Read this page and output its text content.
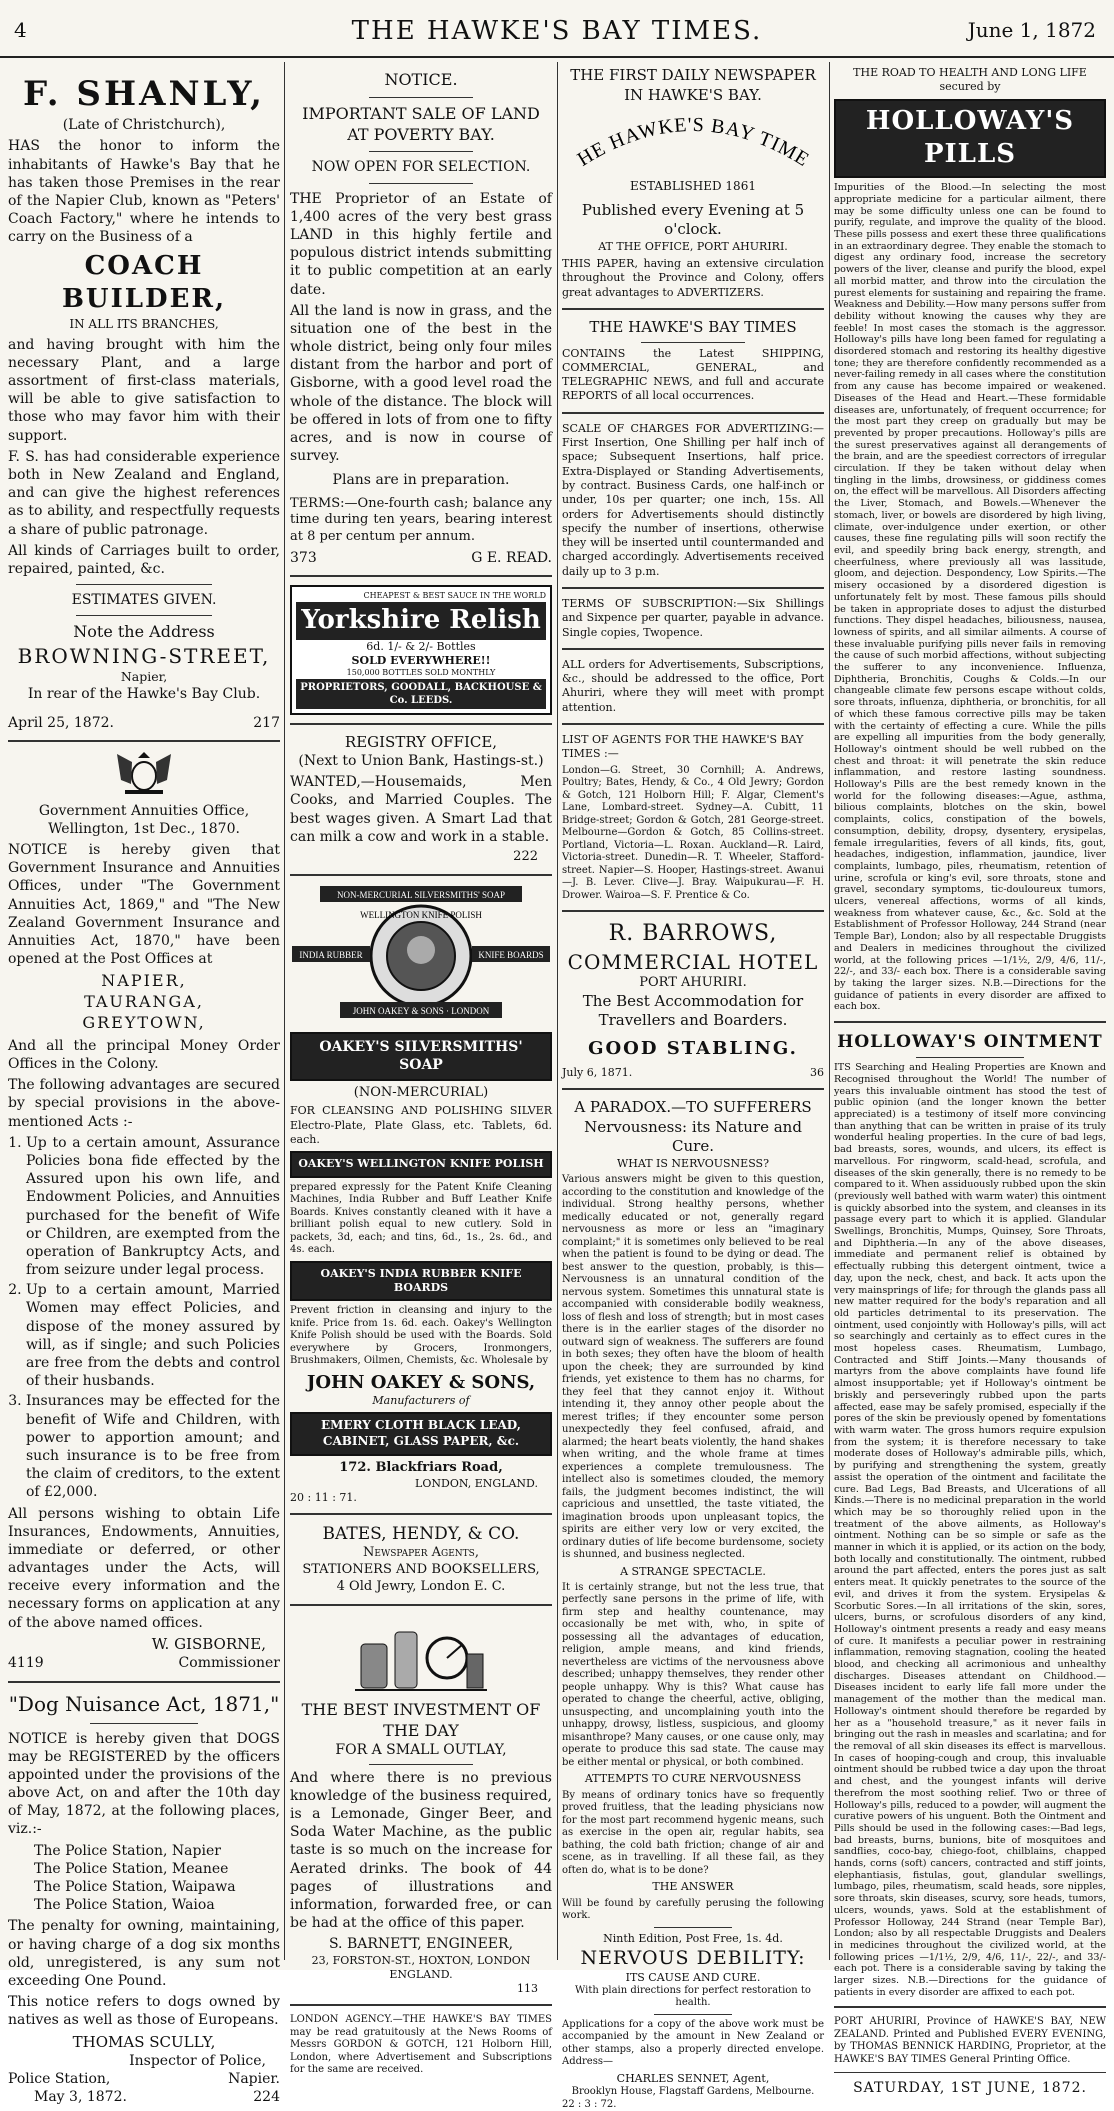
4	THE HAWKE'S BAY TIMES.	June 1, 1872
F. SHANLY,
(Late of Christchurch),

HAS the honor to inform the inhabitants of Hawke's Bay that he has taken those Premises in the rear of the Napier Club, known as "Peters' Coach Factory," where he intends to carry on the Business of a

COACH BUILDER,
IN ALL ITS BRANCHES,

and having brought with him the necessary Plant, and a large assortment of first-class materials, will be able to give satisfaction to those who may favor him with their support.

F. S. has had considerable experience both in New Zealand and England, and can give the highest references as to ability, and respectfully requests a share of public patronage.

All kinds of Carriages built to order, repaired, painted, &c.

ESTIMATES GIVEN.
Note the Address
BROWNING-STREET,
Napier,
In rear of the Hawke's Bay Club.
April 25, 1872.	217
Government Annuities Office,
Wellington, 1st Dec., 1870.

NOTICE is hereby given that Government Insurance and Annuities Offices, under "The Government Annuities Act, 1869," and "The New Zealand Government Insurance and Annuities Act, 1870," have been opened at the Post Offices at

NAPIER,
TAURANGA,
GREYTOWN,

And all the principal Money Order Offices in the Colony.

The following advantages are secured by special provisions in the above-mentioned Acts :-

1. Up to a certain amount, Assurance Policies bona fide effected by the Assured upon his own life, and Endowment Policies, and Annuities purchased for the benefit of Wife or Children, are exempted from the operation of Bankruptcy Acts, and from seizure under legal process.
2. Up to a certain amount, Married Women may effect Policies, and dispose of the money assured by will, as if single; and such Policies are free from the debts and control of their husbands.
3. Insurances may be effected for the benefit of Wife and Children, with power to apportion amount; and such insurance is to be free from the claim of creditors, to the extent of £2,000.

All persons wishing to obtain Life Insurances, Endowments, Annuities, immediate or deferred, or other advantages under the Acts, will receive every information and the necessary forms on application at any of the above named offices.

W. GISBORNE,
4119	Commissioner
"Dog Nuisance Act, 1871,"

NOTICE is hereby given that DOGS may be REGISTERED by the officers appointed under the provisions of the above Act, on and after the 10th day of May, 1872, at the following places, viz.:-

The Police Station, Napier
The Police Station, Meanee
The Police Station, Waipawa
The Police Station, Waioa

The penalty for owning, maintaining, or having charge of a dog six months old, unregistered, is any sum not exceeding One Pound.

This notice refers to dogs owned by natives as well as those of Europeans.

THOMAS SCULLY,
Inspector of Police,
Police Station,	Napier.
May 3, 1872.	224
NOTICE.
IMPORTANT SALE OF LAND AT POVERTY BAY.
NOW OPEN FOR SELECTION.

THE Proprietor of an Estate of 1,400 acres of the very best grass LAND in this highly fertile and populous district intends submitting it to public competition at an early date.

All the land is now in grass, and the situation one of the best in the whole district, being only four miles distant from the harbor and port of Gisborne, with a good level road the whole of the distance. The block will be offered in lots of from one to fifty acres, and is now in course of survey.

Plans are in preparation.

TERMS:—One-fourth cash; balance any time during ten years, bearing interest at 8 per centum per annum.

373	G E. READ.
CHEAPEST & BEST SAUCE IN THE WORLD
Yorkshire Relish
6d. 1/- & 2/- Bottles
SOLD EVERYWHERE!!
150,000 BOTTLES SOLD MONTHLY
PROPRIETORS, GOODALL, BACKHOUSE & Co. LEEDS.
REGISTRY OFFICE,
(Next to Union Bank, Hastings-st.)

WANTED,—Housemaids, Men Cooks, and Married Couples. The best wages given. A Smart Lad that can milk a cow and work in a stable.

222
NON-MERCURIAL SILVERSMITHS' SOAP
WELLINGTON KNIFE POLISH
INDIA RUBBER	KNIFE BOARDS
JOHN OAKEY & SONS · LONDON
OAKEY'S SILVERSMITHS' SOAP
(NON-MERCURIAL)

FOR CLEANSING AND POLISHING SILVER Electro-Plate, Plate Glass, etc. Tablets, 6d. each.

OAKEY'S WELLINGTON KNIFE POLISH

prepared expressly for the Patent Knife Cleaning Machines, India Rubber and Buff Leather Knife Boards. Knives constantly cleaned with it have a brilliant polish equal to new cutlery. Sold in packets, 3d, each; and tins, 6d., 1s., 2s. 6d., and 4s. each.

OAKEY'S INDIA RUBBER KNIFE BOARDS

Prevent friction in cleansing and injury to the knife. Price from 1s. 6d. each. Oakey's Wellington Knife Polish should be used with the Boards. Sold everywhere by Grocers, Ironmongers, Brushmakers, Oilmen, Chemists, &c. Wholesale by

JOHN OAKEY & SONS,
Manufacturers of
EMERY CLOTH BLACK LEAD, CABINET, GLASS PAPER, &c.
172. Blackfriars Road,
LONDON, ENGLAND.
20 : 11 : 71.
BATES, HENDY, & CO.
Newspaper Agents,
STATIONERS AND BOOKSELLERS,
4 Old Jewry, London E. C.
THE BEST INVESTMENT OF THE DAY
FOR A SMALL OUTLAY,

And where there is no previous knowledge of the business required, is a Lemonade, Ginger Beer, and Soda Water Machine, as the public taste is so much on the increase for Aerated drinks. The book of 44 pages of illustrations and information, forwarded free, or can be had at the office of this paper.

S. BARNETT, ENGINEER,
23, FORSTON-ST., HOXTON, LONDON ENGLAND.
113

LONDON AGENCY.—THE HAWKE'S BAY TIMES may be read gratuitously at the News Rooms of Messrs GORDON & GOTCH, 121 Holborn Hill, London, where Advertisement and Subscriptions for the same are received.

THE FIRST DAILY NEWSPAPER
IN HAWKE'S BAY.
HE HAWKE'S BAY TIME
ESTABLISHED 1861
Published every Evening at 5 o'clock.
AT THE OFFICE, PORT AHURIRI.

THIS PAPER, having an extensive circulation throughout the Province and Colony, offers great advantages to ADVERTIZERS.

THE HAWKE'S BAY TIMES

CONTAINS the Latest SHIPPING, COMMERCIAL, GENERAL, and TELEGRAPHIC NEWS, and full and accurate REPORTS of all local occurrences.

SCALE OF CHARGES FOR ADVERTIZING:— First Insertion, One Shilling per half inch of space; Subsequent Insertions, half price. Extra-Displayed or Standing Advertisements, by contract. Business Cards, one half-inch or under, 10s per quarter; one inch, 15s. All orders for Advertisements should distinctly specify the number of insertions, otherwise they will be inserted until countermanded and charged accordingly. Advertisements received daily up to 3 p.m.

TERMS OF SUBSCRIPTION:—Six Shillings and Sixpence per quarter, payable in advance. Single copies, Twopence.

ALL orders for Advertisements, Subscriptions, &c., should be addressed to the office, Port Ahuriri, where they will meet with prompt attention.

LIST OF AGENTS FOR THE HAWKE'S BAY TIMES :—

London—G. Street, 30 Cornhill; A. Andrews, Poultry; Bates, Hendy, & Co., 4 Old Jewry; Gordon & Gotch, 121 Holborn Hill; F. Algar, Clement's Lane, Lombard-street. Sydney—A. Cubitt, 11 Bridge-street; Gordon & Gotch, 281 George-street. Melbourne—Gordon & Gotch, 85 Collins-street. Portland, Victoria—L. Roxan. Auckland—R. Laird, Victoria-street. Dunedin—R. T. Wheeler, Stafford-street. Napier—S. Hooper, Hastings-street. Awanui—J. B. Lever. Clive—J. Bray. Waipukurau—F. H. Drower. Wairoa—S. F. Prentice & Co.

R. BARROWS,
COMMERCIAL HOTEL
PORT AHURIRI.
The Best Accommodation for Travellers and Boarders.
GOOD STABLING.
July 6, 1871.	36
A PARADOX.—TO SUFFERERS
Nervousness: its Nature and Cure.
WHAT IS NERVOUSNESS?

Various answers might be given to this question, according to the constitution and knowledge of the individual. Strong healthy persons, whether medically educated or not, generally regard nervousness as more or less an "imaginary complaint;" it is sometimes only believed to be real when the patient is found to be dying or dead. The best answer to the question, probably, is this—Nervousness is an unnatural condition of the nervous system. Sometimes this unnatural state is accompanied with considerable bodily weakness, loss of flesh and loss of strength; but in most cases there is in the earlier stages of the disorder no outward sign of weakness. The sufferers are found in both sexes; they often have the bloom of health upon the cheek; they are surrounded by kind friends, yet existence to them has no charms, for they feel that they cannot enjoy it. Without intending it, they annoy other people about the merest trifles; if they encounter some person unexpectedly they feel confused, afraid, and alarmed; the heart beats violently, the hand shakes when writing, and the whole frame at times experiences a complete tremulousness. The intellect also is sometimes clouded, the memory fails, the judgment becomes indistinct, the will capricious and unsettled, the taste vitiated, the imagination broods upon unpleasant topics, the spirits are either very low or very excited, the ordinary duties of life become burdensome, society is shunned, and business neglected.

A STRANGE SPECTACLE.

It is certainly strange, but not the less true, that perfectly sane persons in the prime of life, with firm step and healthy countenance, may occasionally be met with, who, in spite of possessing all the advantages of education, religion, ample means, and kind friends, nevertheless are victims of the nervousness above described; unhappy themselves, they render other people unhappy. Why is this? What cause has operated to change the cheerful, active, obliging, unsuspecting, and uncomplaining youth into the unhappy, drowsy, listless, suspicious, and gloomy misanthrope? Many causes, or one cause only, may operate to produce this sad state. The cause may be either mental or physical, or both combined.

ATTEMPTS TO CURE NERVOUSNESS

By means of ordinary tonics have so frequently proved fruitless, that the leading physicians now for the most part recommend hygenic means, such as exercise in the open air, regular habits, sea bathing, the cold bath friction; change of air and scene, as in travelling. If all these fail, as they often do, what is to be done?

THE ANSWER

Will be found by carefully perusing the following work.

Ninth Edition, Post Free, 1s. 4d.
NERVOUS DEBILITY:
ITS CAUSE AND CURE.
With plain directions for perfect restoration to health.

Applications for a copy of the above work must be accompanied by the amount in New Zealand or other stamps, also a properly directed envelope. Address—

CHARLES SENNET, Agent,
Brooklyn House, Flagstaff Gardens, Melbourne.
22 : 3 : 72.
THE ROAD TO HEALTH AND LONG LIFE secured by
HOLLOWAY'S PILLS

Impurities of the Blood.—In selecting the most appropriate medicine for a particular ailment, there may be some difficulty unless one can be found to purify, regulate, and improve the quality of the blood. These pills possess and exert these three qualifications in an extraordinary degree. They enable the stomach to digest any ordinary food, increase the secretory powers of the liver, cleanse and purify the blood, expel all morbid matter, and throw into the circulation the purest elements for sustaining and repairing the frame. Weakness and Debility.—How many persons suffer from debility without knowing the causes why they are feeble! In most cases the stomach is the aggressor. Holloway's pills have long been famed for regulating a disordered stomach and restoring its healthy digestive tone; they are therefore confidently recommended as a never-failing remedy in all cases where the constitution from any cause has become impaired or weakened. Diseases of the Head and Heart.—These formidable diseases are, unfortunately, of frequent occurrence; for the most part they creep on gradually but may be prevented by proper precautions. Holloway's pills are the surest preservatives against all derangements of the brain, and are the speediest correctors of irregular circulation. If they be taken without delay when tingling in the limbs, drowsiness, or giddiness comes on, the effect will be marvellous. All Disorders affecting the Liver, Stomach, and Bowels.—Whenever the stomach, liver, or bowels are disordered by high living, climate, over-indulgence under exertion, or other causes, these fine regulating pills will soon rectify the evil, and speedily bring back energy, strength, and cheerfulness, where previously all was lassitude, gloom, and dejection. Despondency, Low Spirits.—The misery occasioned by a disordered digestion is unfortunately felt by most. These famous pills should be taken in appropriate doses to adjust the disturbed functions. They dispel headaches, biliousness, nausea, lowness of spirits, and all similar ailments. A course of these invaluable purifying pills never fails in removing the cause of such morbid affections, without subjecting the sufferer to any inconvenience. Influenza, Diphtheria, Bronchitis, Coughs & Colds.—In our changeable climate few persons escape without colds, sore throats, influenza, diphtheria, or bronchitis, for all of which these famous corrective pills may be taken with the certainty of effecting a cure. While the pills are expelling all impurities from the body generally, Holloway's ointment should be well rubbed on the chest and throat: it will penetrate the skin reduce inflammation, and restore lasting soundness. Holloway's Pills are the best remedy known in the world for the following diseases:—Ague, asthma, bilious complaints, blotches on the skin, bowel complaints, colics, constipation of the bowels, consumption, debility, dropsy, dysentery, erysipelas, female irregularities, fevers of all kinds, fits, gout, headaches, indigestion, inflammation, jaundice, liver complaints, lumbago, piles, rheumatism, retention of urine, scrofula or king's evil, sore throats, stone and gravel, secondary symptoms, tic-douloureux tumors, ulcers, venereal affections, worms of all kinds, weakness from whatever cause, &c., &c. Sold at the Establishment of Professor Holloway, 244 Strand (near Temple Bar), London; also by all respectable Druggists and Dealers in medicines throughout the civilized world, at the following prices —1/1½, 2/9, 4/6, 11/-, 22/-, and 33/- each box. There is a considerable saving by taking the larger sizes. N.B.—Directions for the guidance of patients in every disorder are affixed to each box.

HOLLOWAY'S OINTMENT

ITS Searching and Healing Properties are Known and Recognised throughout the World! The number of years this invaluable ointment has stood the test of public opinion (and the longer known the better appreciated) is a testimony of itself more convincing than anything that can be written in praise of its truly wonderful healing properties. In the cure of bad legs, bad breasts, sores, wounds, and ulcers, its effect is marvellous. For ringworm, scald-head, scrofula, and diseases of the skin generally, there is no remedy to be compared to it. When assiduously rubbed upon the skin (previously well bathed with warm water) this ointment is quickly absorbed into the system, and cleanses in its passage every part to which it is applied. Glandular Swellings, Bronchitis, Mumps, Quinsey, Sore Throats, and Diphtheria.—In any of the above diseases, immediate and permanent relief is obtained by effectually rubbing this detergent ointment, twice a day, upon the neck, chest, and back. It acts upon the very mainsprings of life; for through the glands pass all new matter required for the body's reparation and all old particles detrimental to its preservation. The ointment, used conjointly with Holloway's pills, will act so searchingly and certainly as to effect cures in the most hopeless cases. Rheumatism, Lumbago, Contracted and Stiff Joints.—Many thousands of martyrs from the above complaints have found life almost insupportable; yet if Holloway's ointment be briskly and perseveringly rubbed upon the parts affected, ease may be safely promised, especially if the pores of the skin be previously opened by fomentations with warm water. The gross humors require expulsion from the system; it is therefore necessary to take moderate doses of Holloway's admirable pills, which, by purifying and strengthening the system, greatly assist the operation of the ointment and facilitate the cure. Bad Legs, Bad Breasts, and Ulcerations of all Kinds.—There is no medicinal preparation in the world which may be so thoroughly relied upon in the treatment of the above ailments, as Holloway's ointment. Nothing can be so simple or safe as the manner in which it is applied, or its action on the body, both locally and constitutionally. The ointment, rubbed around the part affected, enters the pores just as salt enters meat. It quickly penetrates to the source of the evil, and drives it from the system. Erysipelas & Scorbutic Sores.—In all irritations of the skin, sores, ulcers, burns, or scrofulous disorders of any kind, Holloway's ointment presents a ready and easy means of cure. It manifests a peculiar power in restraining inflammation, removing stagnation, cooling the heated blood, and checking all acrimonious and unhealthy discharges. Diseases attendant on Childhood.—Diseases incident to early life fall more under the management of the mother than the medical man. Holloway's ointment should therefore be regarded by her as a "household treasure," as it never fails in bringing out the rash in measles and scarlatina; and for the removal of all skin diseases its effect is marvellous. In cases of hooping-cough and croup, this invaluable ointment should be rubbed twice a day upon the throat and chest, and the youngest infants will derive therefrom the most soothing relief. Two or three of Holloway's pills, reduced to a powder, will augment the curative powers of his unguent. Both the Ointment and Pills should be used in the following cases:—Bad legs, bad breasts, burns, bunions, bite of mosquitoes and sandflies, coco-bay, chiego-foot, chilblains, chapped hands, corns (soft) cancers, contracted and stiff joints, elephantiasis, fistulas, gout, glandular swellings, lumbago, piles, rheumatism, scald heads, sore nipples, sore throats, skin diseases, scurvy, sore heads, tumors, ulcers, wounds, yaws. Sold at the establishment of Professor Holloway, 244 Strand (near Temple Bar), London; also by all respectable Druggists and Dealers in medicines throughout the civilized world, at the following prices —1/1½, 2/9, 4/6, 11/-, 22/-, and 33/- each pot. There is a considerable saving by taking the larger sizes. N.B.—Directions for the guidance of patients in every disorder are affixed to each pot.

PORT AHURIRI, Province of HAWKE'S BAY, NEW ZEALAND. Printed and Published EVERY EVENING, by THOMAS BENNICK HARDING, Proprietor, at the HAWKE'S BAY TIMES General Printing Office.

SATURDAY, 1ST JUNE, 1872.
